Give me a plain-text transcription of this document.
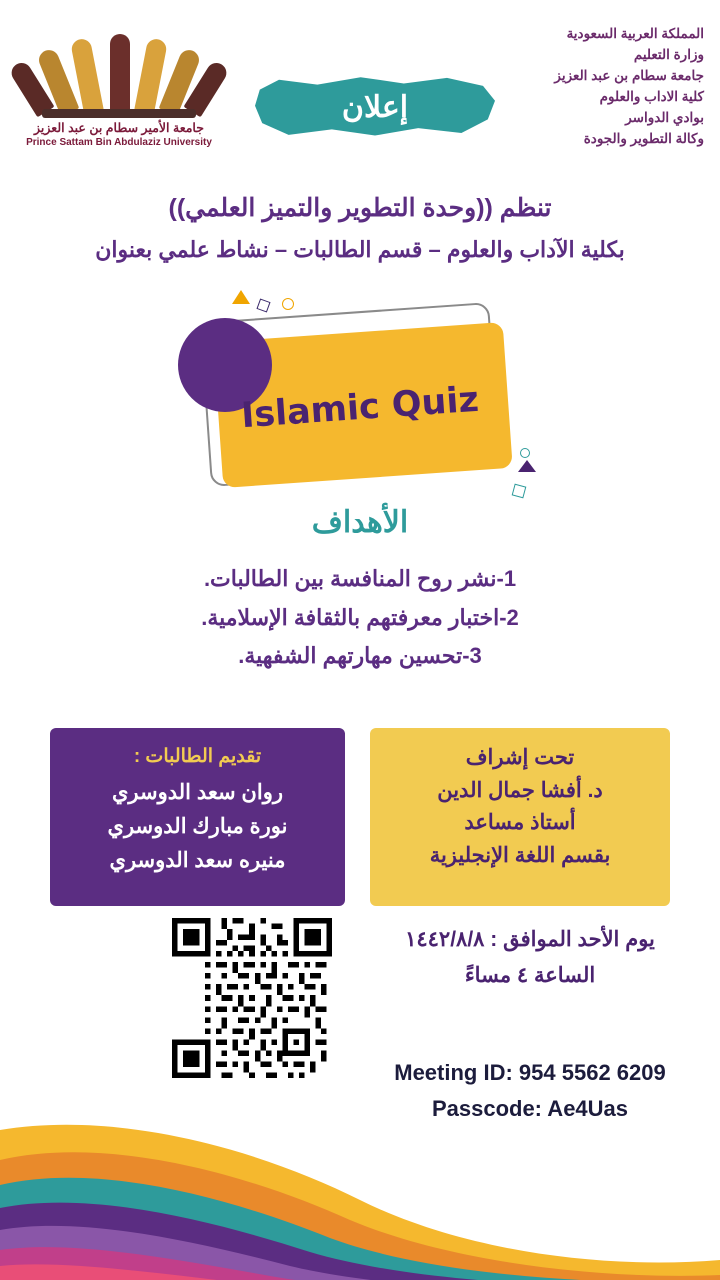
جامعة الأمير سطام بن عبد العزيز
Prince Sattam Bin Abdulaziz University
إعلان
المملكة العربية السعودية
وزارة التعليم
جامعة سطام بن عبد العزيز
كلية الاداب والعلوم
بوادي الدواسر
وكالة التطوير والجودة
تنظم ((وحدة التطوير والتميز العلمي))
بكلية الآداب والعلوم – قسم الطالبات – نشاط علمي بعنوان
Islamic Quiz
الأهداف
1-نشر روح المنافسة بين الطالبات.
2-اختبار معرفتهم بالثقافة الإسلامية.
3-تحسين مهارتهم الشفهية.
تحت إشراف
د. أفشا جمال الدين
أستاذ مساعد
بقسم اللغة الإنجليزية
تقديم الطالبات :
روان سعد الدوسري
نورة مبارك الدوسري
منيره سعد الدوسري
يوم الأحد الموافق : ١٤٤٢/٨/٨
الساعة ٤ مساءً
Meeting ID: 954 5562 6209
Passcode: Ae4Uas
